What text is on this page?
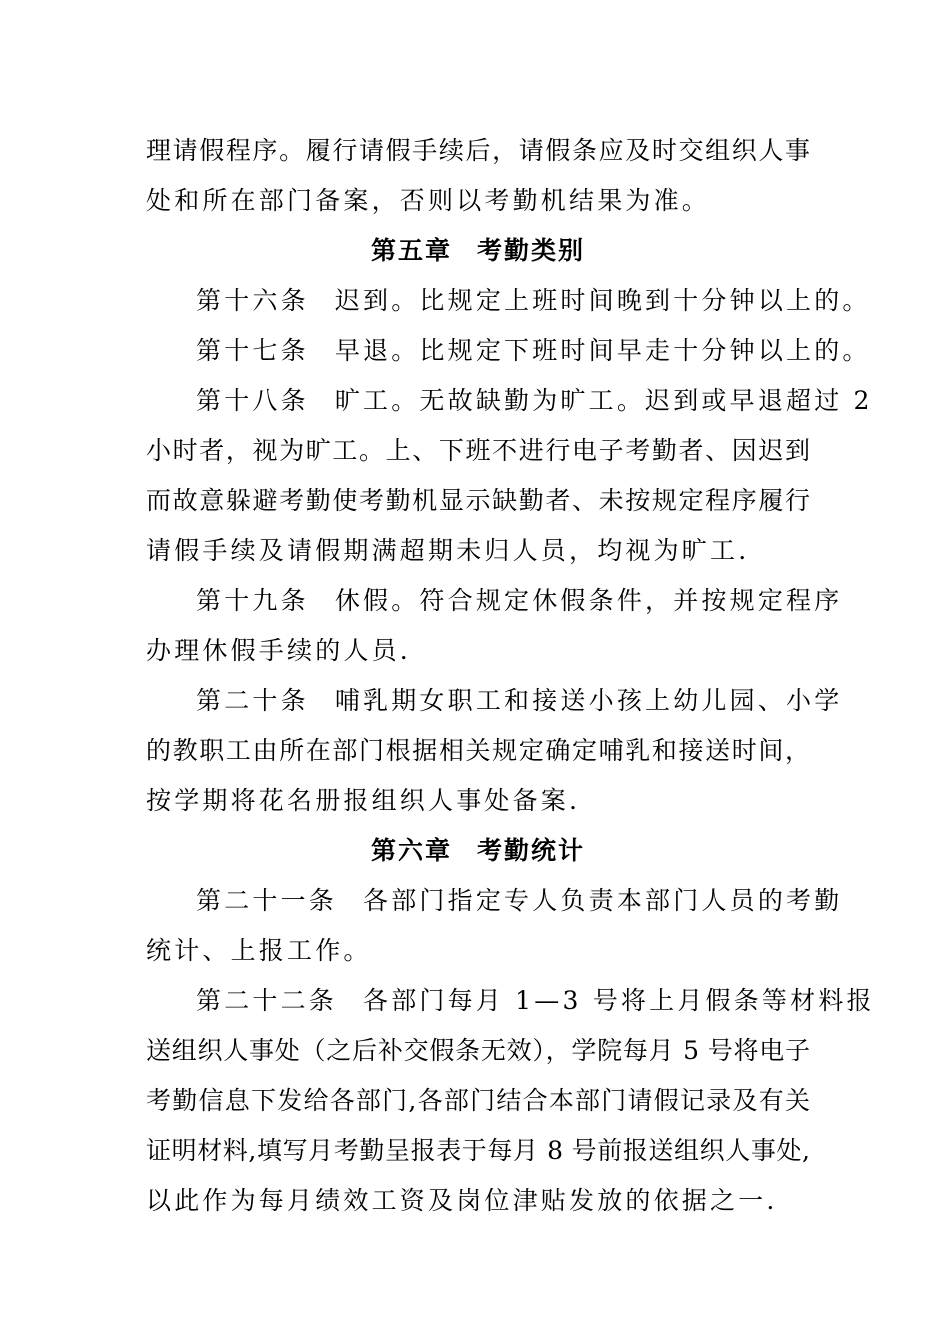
理请假程序。履行请假手续后，请假条应及时交组织人事
处和所在部门备案，否则以考勤机结果为准。
第五章 考勤类别
第十六条 迟到。比规定上班时间晚到十分钟以上的。
第十七条 早退。比规定下班时间早走十分钟以上的。
第十八条 旷工。无故缺勤为旷工。迟到或早退超过 2
小时者，视为旷工。上、下班不进行电子考勤者、因迟到
而故意躲避考勤使考勤机显示缺勤者、未按规定程序履行
请假手续及请假期满超期未归人员，均视为旷工.
第十九条 休假。符合规定休假条件，并按规定程序
办理休假手续的人员.
第二十条 哺乳期女职工和接送小孩上幼儿园、小学
的教职工由所在部门根据相关规定确定哺乳和接送时间，
按学期将花名册报组织人事处备案.
第六章 考勤统计
第二十一条 各部门指定专人负责本部门人员的考勤
统计、上报工作。
第二十二条 各部门每月 1—3 号将上月假条等材料报
送组织人事处（之后补交假条无效），学院每月 5 号将电子
考勤信息下发给各部门,各部门结合本部门请假记录及有关
证明材料,填写月考勤呈报表于每月 8 号前报送组织人事处,
以此作为每月绩效工资及岗位津贴发放的依据之一.
